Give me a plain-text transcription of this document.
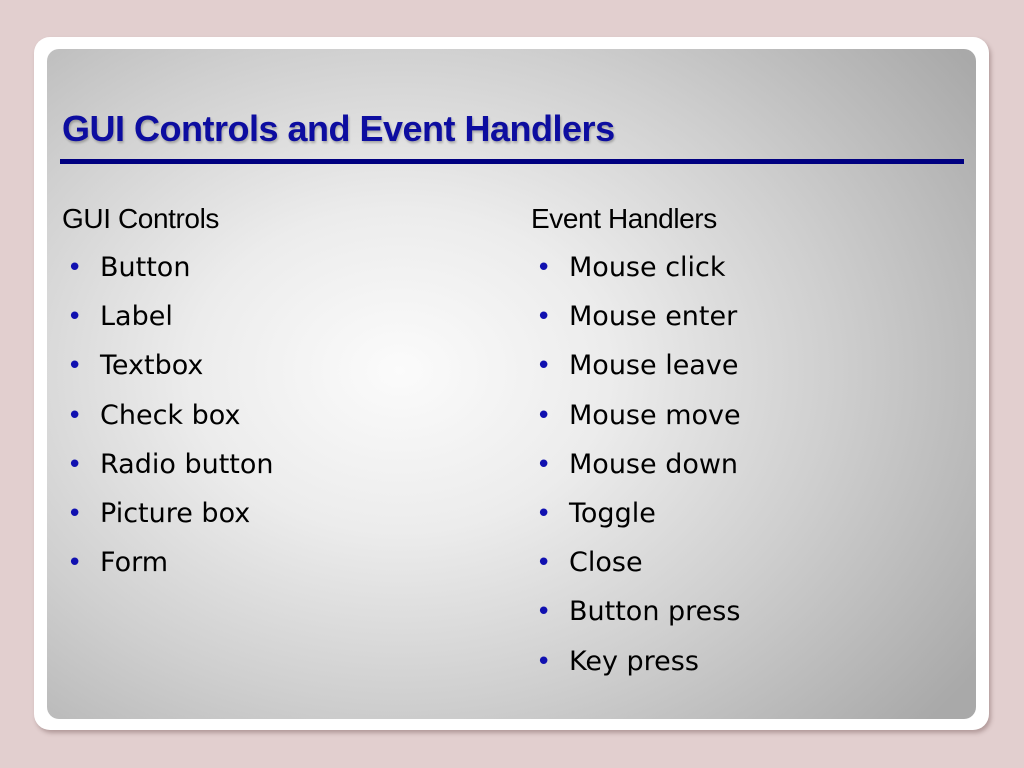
GUI Controls and Event Handlers
GUI Controls
• Button
• Label
• Textbox
• Check box
• Radio button
• Picture box
• Form
Event Handlers
• Mouse click
• Mouse enter
• Mouse leave
• Mouse move
• Mouse down
• Toggle
• Close
• Button press
• Key press
